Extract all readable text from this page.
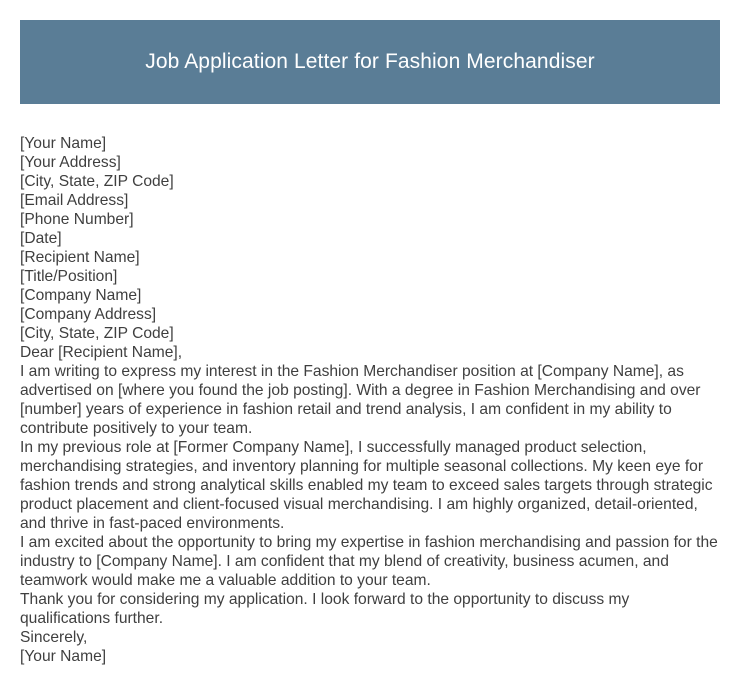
Job Application Letter for Fashion Merchandiser
[Your Name]
[Your Address]
[City, State, ZIP Code]
[Email Address]
[Phone Number]
[Date]
[Recipient Name]
[Title/Position]
[Company Name]
[Company Address]
[City, State, ZIP Code]
Dear [Recipient Name],
I am writing to express my interest in the Fashion Merchandiser position at [Company Name], as advertised on [where you found the job posting]. With a degree in Fashion Merchandising and over [number] years of experience in fashion retail and trend analysis, I am confident in my ability to contribute positively to your team.
In my previous role at [Former Company Name], I successfully managed product selection, merchandising strategies, and inventory planning for multiple seasonal collections. My keen eye for fashion trends and strong analytical skills enabled my team to exceed sales targets through strategic product placement and client-focused visual merchandising. I am highly organized, detail-oriented, and thrive in fast-paced environments.
I am excited about the opportunity to bring my expertise in fashion merchandising and passion for the industry to [Company Name]. I am confident that my blend of creativity, business acumen, and teamwork would make me a valuable addition to your team.
Thank you for considering my application. I look forward to the opportunity to discuss my qualifications further.
Sincerely,
[Your Name]
